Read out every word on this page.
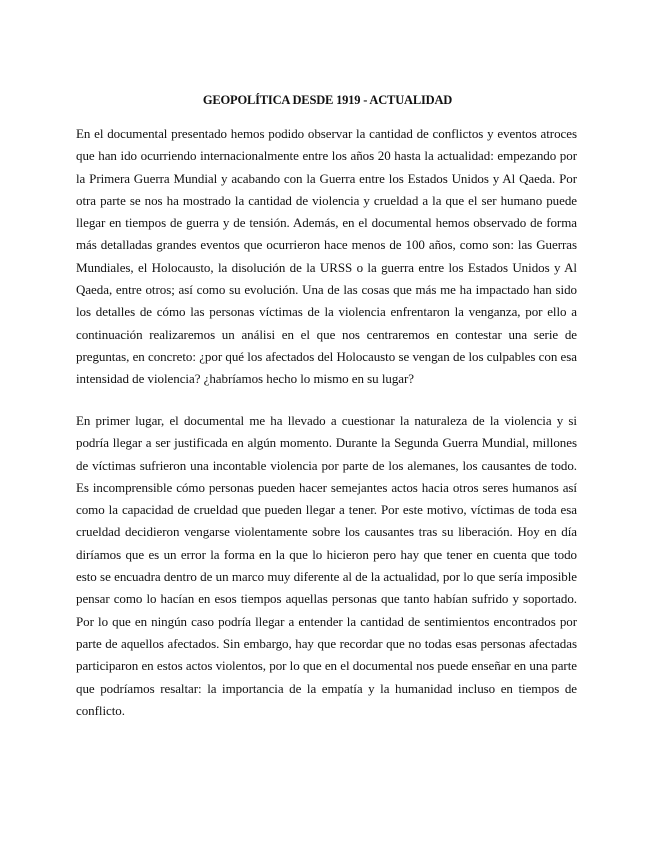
GEOPOLÍTICA DESDE 1919 - ACTUALIDAD

En el documental presentado hemos podido observar la cantidad de conflictos y eventos atroces que han ido ocurriendo internacionalmente entre los años 20 hasta la actualidad: empezando por la Primera Guerra Mundial y acabando con la Guerra entre los Estados Unidos y Al Qaeda. Por otra parte se nos ha mostrado la cantidad de violencia y crueldad a la que el ser humano puede llegar en tiempos de guerra y de tensión. Además, en el documental hemos observado de forma más detalladas grandes eventos que ocurrieron hace menos de 100 años, como son: las Guerras Mundiales, el Holocausto, la disolución de la URSS o la guerra entre los Estados Unidos y Al Qaeda, entre otros; así como su evolución. Una de las cosas que más me ha impactado han sido los detalles de cómo las personas víctimas de la violencia enfrentaron la venganza, por ello a continuación realizaremos un análisi en el que nos centraremos en contestar una serie de preguntas, en concreto: ¿por qué los afectados del Holocausto se vengan de los culpables con esa intensidad de violencia? ¿habríamos hecho lo mismo en su lugar?

En primer lugar, el documental me ha llevado a cuestionar la naturaleza de la violencia y si podría llegar a ser justificada en algún momento. Durante la Segunda Guerra Mundial, millones de víctimas sufrieron una incontable violencia por parte de los alemanes, los causantes de todo. Es incomprensible cómo personas pueden hacer semejantes actos hacia otros seres humanos así como la capacidad de crueldad que pueden llegar a tener. Por este motivo, víctimas de toda esa crueldad decidieron vengarse violentamente sobre los causantes tras su liberación. Hoy en día diríamos que es un error la forma en la que lo hicieron pero hay que tener en cuenta que todo esto se encuadra dentro de un marco muy diferente al de la actualidad, por lo que sería imposible pensar como lo hacían en esos tiempos aquellas personas que tanto habían sufrido y soportado. Por lo que en ningún caso podría llegar a entender la cantidad de sentimientos encontrados por parte de aquellos afectados. Sin embargo, hay que recordar que no todas esas personas afectadas participaron en estos actos violentos, por lo que en el documental nos puede enseñar en una parte que podríamos resaltar: la importancia de la empatía y la humanidad incluso en tiempos de conflicto.
